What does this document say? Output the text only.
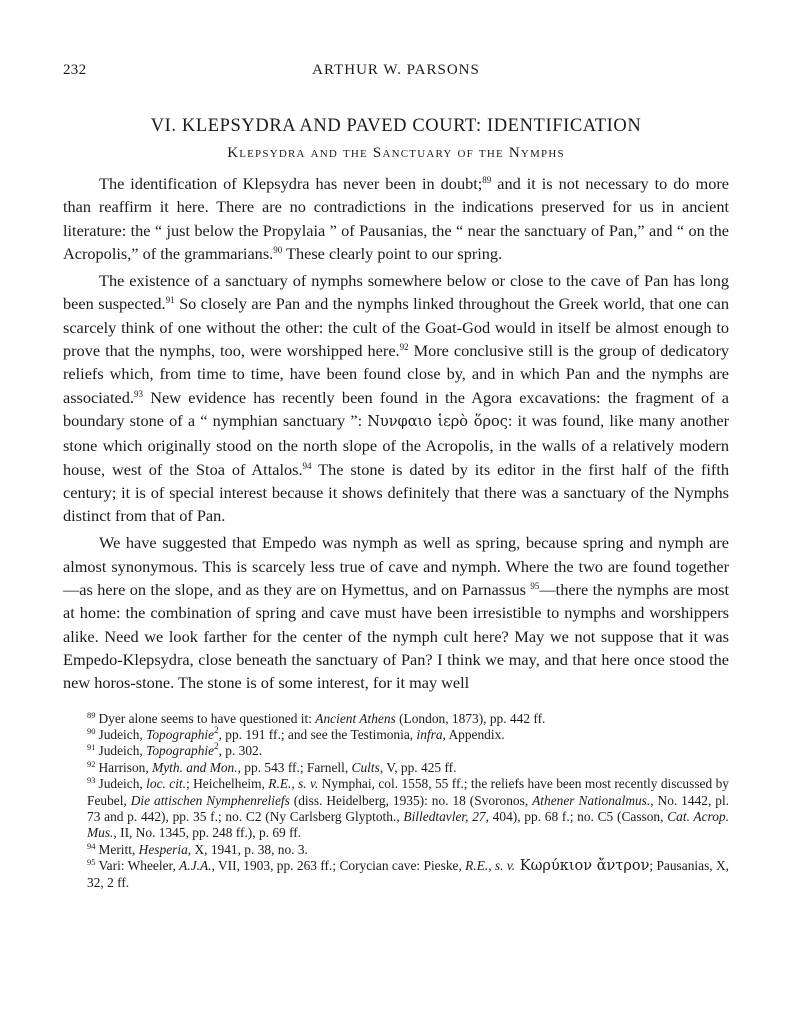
232	ARTHUR W. PARSONS
VI. KLEPSYDRA AND PAVED COURT: IDENTIFICATION
Klepsydra and the Sanctuary of the Nymphs

The identification of Klepsydra has never been in doubt;$^{89}$ and it is not necessary to do more than reaffirm it here. There are no contradictions in the indications preserved for us in ancient literature: the “ just below the Propylaia ” of Pausanias, the “ near the sanctuary of Pan,” and “ on the Acropolis,” of the grammarians.$^{90}$ These clearly point to our spring.

The existence of a sanctuary of nymphs somewhere below or close to the cave of Pan has long been suspected.$^{91}$ So closely are Pan and the nymphs linked throughout the Greek world, that one can scarcely think of one without the other: the cult of the Goat-God would in itself be almost enough to prove that the nymphs, too, were worshipped here.$^{92}$ More conclusive still is the group of dedicatory reliefs which, from time to time, have been found close by, and in which Pan and the nymphs are associated.$^{93}$ New evidence has recently been found in the Agora excavations: the fragment of a boundary stone of a “ nymphian sanctuary ”: Νυνφαιο ἱερὸ ὅρος: it was found, like many another stone which originally stood on the north slope of the Acropolis, in the walls of a relatively modern house, west of the Stoa of Attalos.$^{94}$ The stone is dated by its editor in the first half of the fifth century; it is of special interest because it shows definitely that there was a sanctuary of the Nymphs distinct from that of Pan.

We have suggested that Empedo was nymph as well as spring, because spring and nymph are almost synonymous. This is scarcely less true of cave and nymph. Where the two are found together—as here on the slope, and as they are on Hymettus, and on Parnassus $^{95}$—there the nymphs are most at home: the combination of spring and cave must have been irresistible to nymphs and worshippers alike. Need we look farther for the center of the nymph cult here? May we not suppose that it was Empedo-Klepsydra, close beneath the sanctuary of Pan? I think we may, and that here once stood the new horos-stone. The stone is of some interest, for it may well

$^{89}$ Dyer alone seems to have questioned it: Ancient Athens (London, 1873), pp. 442 ff.
$^{90}$ Judeich, Topographie$^2$, pp. 191 ff.; and see the Testimonia, infra, Appendix.
$^{91}$ Judeich, Topographie$^2$, p. 302.
$^{92}$ Harrison, Myth. and Mon., pp. 543 ff.; Farnell, Cults, V, pp. 425 ff.
$^{93}$ Judeich, loc. cit.; Heichelheim, R.E., s. v. Nymphai, col. 1558, 55 ff.; the reliefs have been most recently discussed by Feubel, Die attischen Nymphenreliefs (diss. Heidelberg, 1935): no. 18 (Svoronos, Athener Nationalmus., No. 1442, pl. 73 and p. 442), pp. 35 f.; no. C2 (Ny Carlsberg Glyptoth., Billedtavler, 27, 404), pp. 68 f.; no. C5 (Casson, Cat. Acrop. Mus., II, No. 1345, pp. 248 ff.), p. 69 ff.
$^{94}$ Meritt, Hesperia, X, 1941, p. 38, no. 3.
$^{95}$ Vari: Wheeler, A.J.A., VII, 1903, pp. 263 ff.; Corycian cave: Pieske, R.E., s. v. Κωρύκιον ἄντρον; Pausanias, X, 32, 2 ff.
